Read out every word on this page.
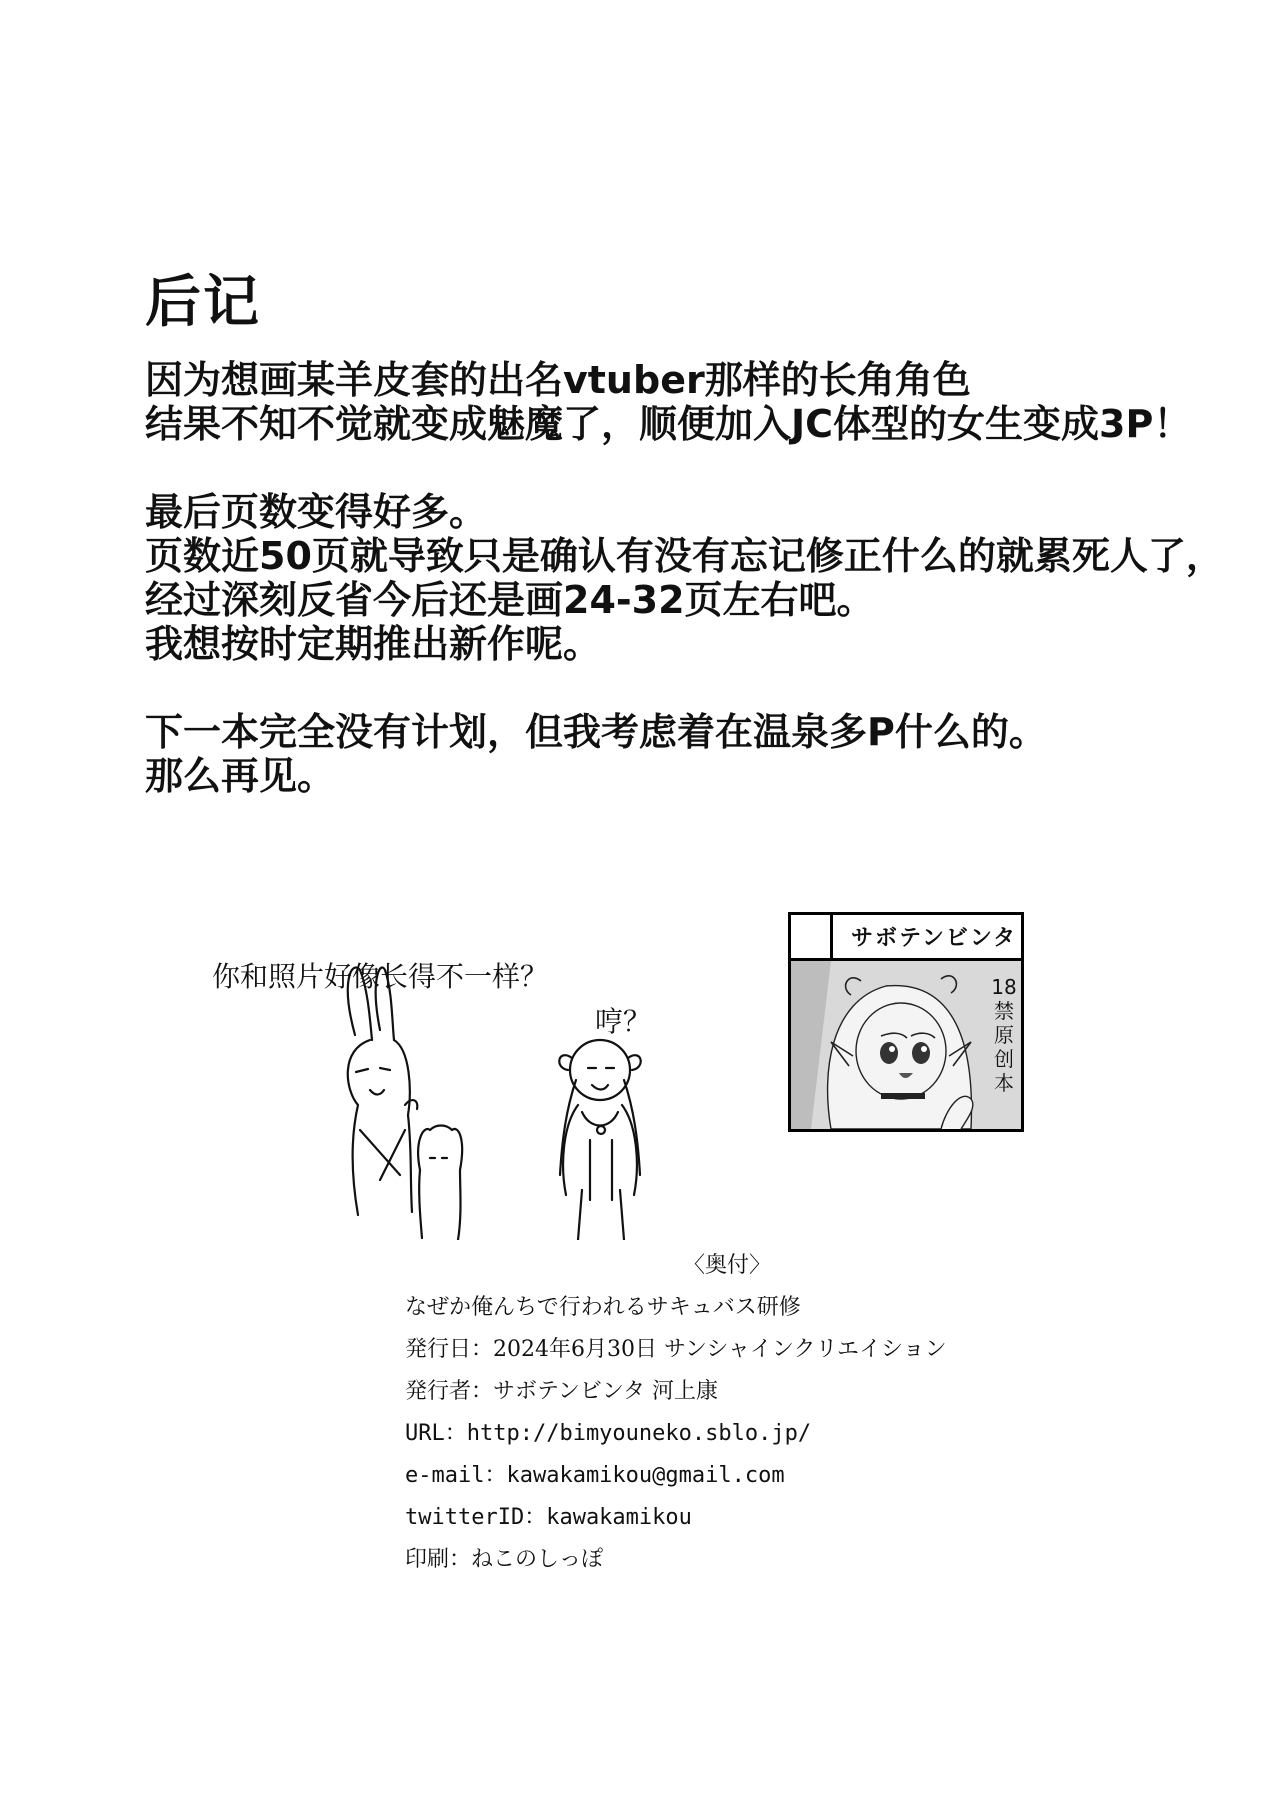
后记
因为想画某羊皮套的出名vtuber那样的长角角色
结果不知不觉就变成魅魔了，顺便加入JC体型的女生变成3P！
最后页数变得好多。
页数近50页就导致只是确认有没有忘记修正什么的就累死人了，
经过深刻反省今后还是画24-32页左右吧。
我想按时定期推出新作呢。
下一本完全没有计划，但我考虑着在温泉多P什么的。
那么再见。
你和照片好像长得不一样？
哼？
サボテンビンタ
18
禁
原
创
本
〈奥付〉
なぜか俺んちで行われるサキュバス研修
発行日：2024年6月30日 サンシャインクリエイション
発行者：サボテンビンタ 河上康
URL：http://bimyouneko.sblo.jp/
e-mail：kawakamikou@gmail.com
twitterID：kawakamikou
印刷：ねこのしっぽ
